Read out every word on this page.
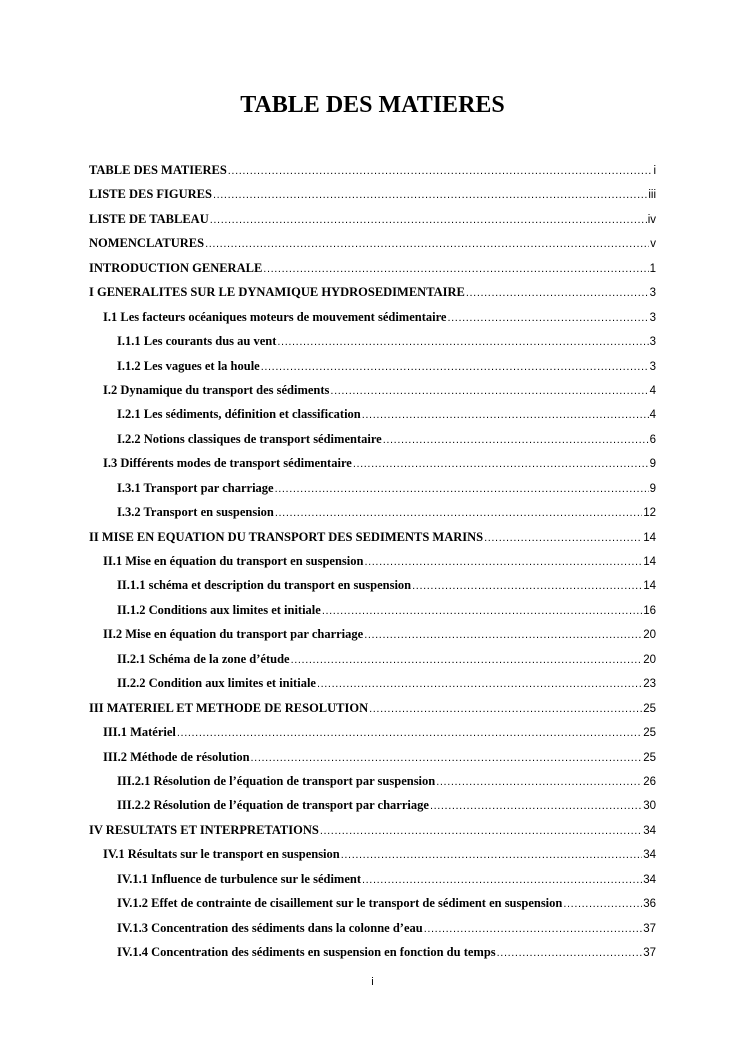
TABLE DES MATIERES
TABLE DES MATIERES .....	i
LISTE DES FIGURES .....	iii
LISTE DE TABLEAU .....	iv
NOMENCLATURES .....	v
INTRODUCTION GENERALE .....	1
I GENERALITES SUR LE DYNAMIQUE HYDROSEDIMENTAIRE .....	3
I.1 Les facteurs océaniques moteurs de mouvement sédimentaire .....	3
I.1.1 Les courants dus au vent .....	3
I.1.2 Les vagues et la houle .....	3
I.2 Dynamique du transport des sédiments .....	4
I.2.1 Les sédiments, définition et classification .....	4
I.2.2 Notions classiques de transport sédimentaire .....	6
I.3 Différents modes de transport sédimentaire .....	9
I.3.1 Transport par charriage .....	9
I.3.2 Transport en suspension .....	12
II MISE EN EQUATION DU TRANSPORT DES SEDIMENTS MARINS .....	14
II.1 Mise en équation du transport en suspension .....	14
II.1.1 schéma et description du transport en suspension .....	14
II.1.2 Conditions aux limites et initiale .....	16
II.2 Mise en équation du transport par charriage .....	20
II.2.1 Schéma de la zone d’étude .....	20
II.2.2 Condition aux limites et initiale .....	23
III MATERIEL ET METHODE DE RESOLUTION .....	25
III.1 Matériel .....	25
III.2 Méthode de résolution .....	25
III.2.1 Résolution de l’équation de transport par suspension .....	26
III.2.2 Résolution de l’équation de transport par charriage .....	30
IV RESULTATS ET INTERPRETATIONS .....	34
IV.1 Résultats sur le transport en suspension .....	34
IV.1.1 Influence de turbulence sur le sédiment .....	34
IV.1.2 Effet de contrainte de cisaillement sur le transport de sédiment en suspension .....	36
IV.1.3 Concentration des sédiments dans la colonne d’eau .....	37
IV.1.4 Concentration des sédiments en suspension en fonction du temps .....	37
i
